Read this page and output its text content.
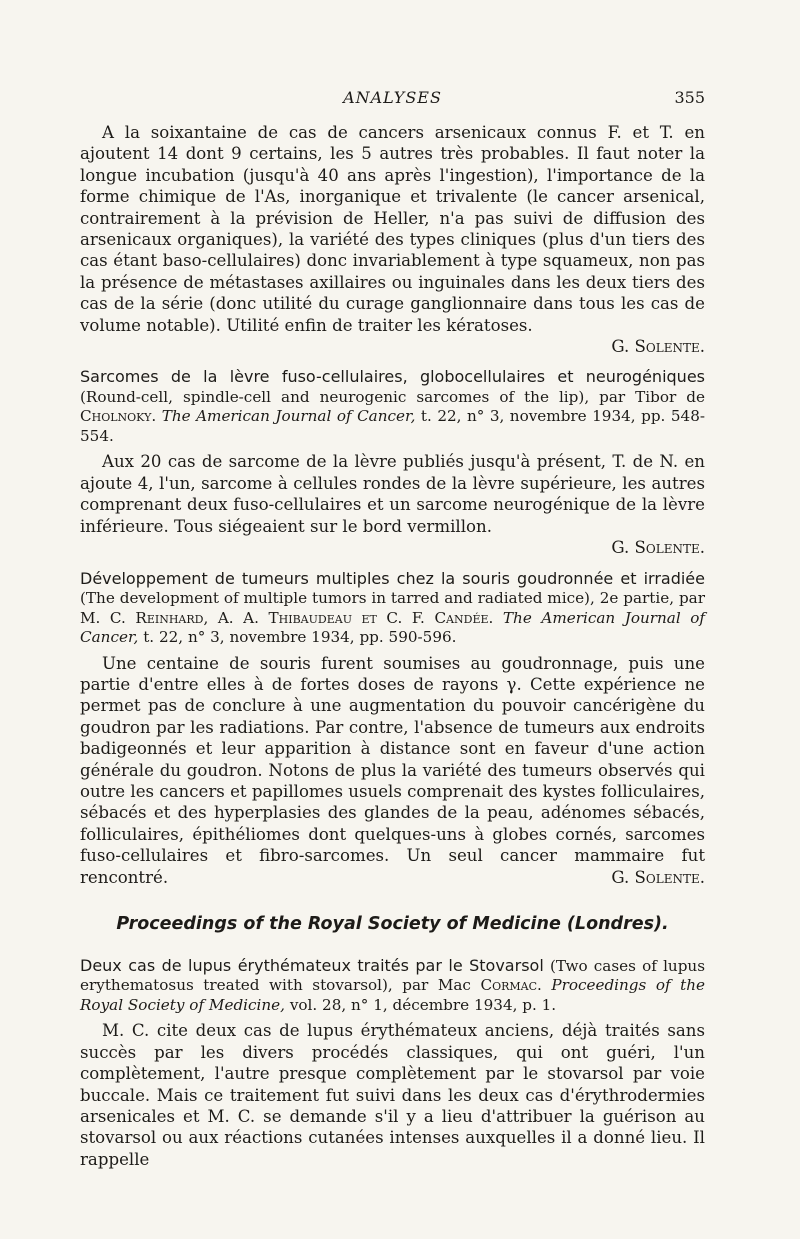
ANALYSES	355

A la soixantaine de cas de cancers arsenicaux connus F. et T. en ajoutent 14 dont 9 certains, les 5 autres très probables. Il faut noter la longue incubation (jusqu'à 40 ans après l'ingestion), l'importance de la forme chimique de l'As, inorganique et trivalente (le cancer arsenical, contrairement à la prévision de Heller, n'a pas suivi de diffusion des arsenicaux organiques), la variété des types cliniques (plus d'un tiers des cas étant baso-cellulaires) donc invariablement à type squameux, non pas la présence de métastases axillaires ou inguinales dans les deux tiers des cas de la série (donc utilité du curage ganglionnaire dans tous les cas de volume notable). Utilité enfin de traiter les kératoses.

G. Solente.

Sarcomes de la lèvre fuso-cellulaires, globocellulaires et neurogéniques (Round-cell, spindle-cell and neurogenic sarcomes of the lip), par Tibor de Cholnoky. The American Journal of Cancer, t. 22, n° 3, novembre 1934, pp. 548-554.

Aux 20 cas de sarcome de la lèvre publiés jusqu'à présent, T. de N. en ajoute 4, l'un, sarcome à cellules rondes de la lèvre supérieure, les autres comprenant deux fuso-cellulaires et un sarcome neurogénique de la lèvre inférieure. Tous siégeaient sur le bord vermillon.

G. Solente.

Développement de tumeurs multiples chez la souris goudronnée et irradiée (The development of multiple tumors in tarred and radiated mice), 2e partie, par M. C. Reinhard, A. A. Thibaudeau et C. F. Candée. The American Journal of Cancer, t. 22, n° 3, novembre 1934, pp. 590-596.

Une centaine de souris furent soumises au goudronnage, puis une partie d'entre elles à de fortes doses de rayons γ. Cette expérience ne permet pas de conclure à une augmentation du pouvoir cancérigène du goudron par les radiations. Par contre, l'absence de tumeurs aux endroits badigeonnés et leur apparition à distance sont en faveur d'une action générale du goudron. Notons de plus la variété des tumeurs observés qui outre les cancers et papillomes usuels comprenait des kystes folliculaires, sébacés et des hyperplasies des glandes de la peau, adénomes sébacés, folliculaires, épithéliomes dont quelques-uns à globes cornés, sarcomes fuso-cellulaires et fibro-sarcomes. Un seul cancer mammaire fut rencontré.	G. Solente.

Proceedings of the Royal Society of Medicine (Londres).

Deux cas de lupus érythémateux traités par le Stovarsol (Two cases of lupus erythematosus treated with stovarsol), par Mac Cormac. Proceedings of the Royal Society of Medicine, vol. 28, n° 1, décembre 1934, p. 1.

M. C. cite deux cas de lupus érythémateux anciens, déjà traités sans succès par les divers procédés classiques, qui ont guéri, l'un complètement, l'autre presque complètement par le stovarsol par voie buccale. Mais ce traitement fut suivi dans les deux cas d'érythrodermies arsenicales et M. C. se demande s'il y a lieu d'attribuer la guérison au stovarsol ou aux réactions cutanées intenses auxquelles il a donné lieu. Il rappelle
